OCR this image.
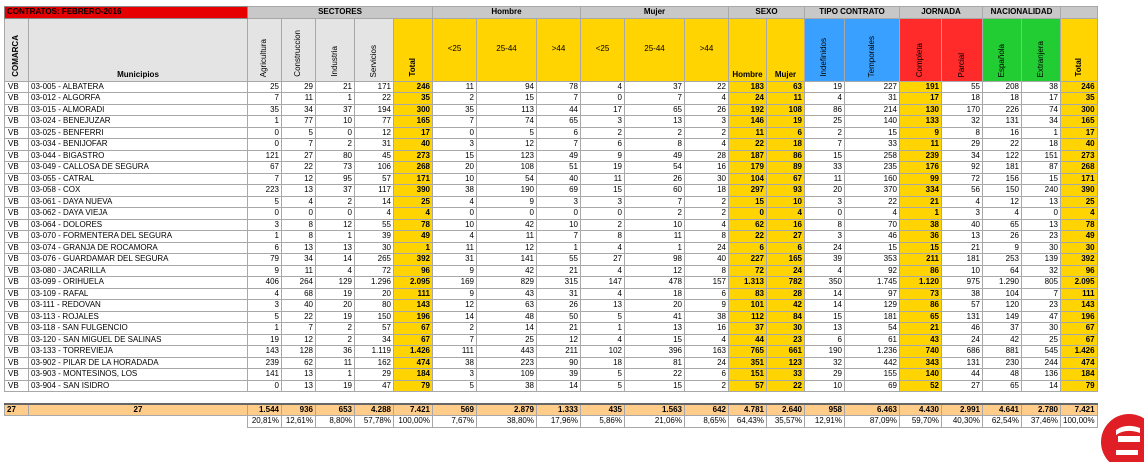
CONTRATOS: FEBRERO-2016		SECTORES					Hombre			Mujer			SEXO		TIPO CONTRATO		JORNADA		NACIONALIDAD		
COMARCA	Municipios	Agricultura	Construccion	Industria	Servicios	Total	<25	25-44	>44	<25	25-44	>44	Hombre	Mujer	Indefinidos	Temporales	Completa	Parcial	Española	Extranjera	Total
VB	03-005 - ALBATERA	25	29	21	171	246	11	94	78	4	37	22	183	63	19	227	191	55	208	38	246
VB	03-012 - ALGORFA	7	11	1	22	35	2	15	7	0	7	4	24	11	4	31	17	18	18	17	35
VB	03-015 - ALMORADI	35	34	37	194	300	35	113	44	17	65	26	192	108	86	214	130	170	226	74	300
VB	03-024 - BENEJUZAR	1	77	10	77	165	7	74	65	3	13	3	146	19	25	140	133	32	131	34	165
VB	03-025 - BENFERRI	0	5	0	12	17	0	5	6	2	2	2	11	6	2	15	9	8	16	1	17
VB	03-034 - BENIJOFAR	0	7	2	31	40	3	12	7	6	8	4	22	18	7	33	11	29	22	18	40
VB	03-044 - BIGASTRO	121	27	80	45	273	15	123	49	9	49	28	187	86	15	258	239	34	122	151	273
VB	03-049 - CALLOSA DE SEGURA	67	22	73	106	268	20	108	51	19	54	16	179	89	33	235	176	92	181	87	268
VB	03-055 - CATRAL	7	12	95	57	171	10	54	40	11	26	30	104	67	11	160	99	72	156	15	171
VB	03-058 - COX	223	13	37	117	390	38	190	69	15	60	18	297	93	20	370	334	56	150	240	390
VB	03-061 - DAYA NUEVA	5	4	2	14	25	4	9	3	3	7	2	15	10	3	22	21	4	12	13	25
VB	03-062 - DAYA VIEJA	0	0	0	4	4	0	0	0	0	2	2	0	4	0	4	1	3	4	0	4
VB	03-064 - DOLORES	3	8	12	55	78	10	42	10	2	10	4	62	16	8	70	38	40	65	13	78
VB	03-070 - FORMENTERA DEL SEGURA	1	8	1	39	49	4	11	7	8	11	8	22	27	3	46	36	13	26	23	49
VB	03-074 - GRANJA DE ROCAMORA	6	13	13	30	1	11	12	1	4	1	24	6	6	24	15	15	21	9	30	30
VB	03-076 - GUARDAMAR DEL SEGURA	79	34	14	265	392	31	141	55	27	98	40	227	165	39	353	211	181	253	139	392
VB	03-080 - JACARILLA	9	11	4	72	96	9	42	21	4	12	8	72	24	4	92	86	10	64	32	96
VB	03-099 - ORIHUELA	406	264	129	1.296	2.095	169	829	315	147	478	157	1.313	782	350	1.745	1.120	975	1.290	805	2.095
VB	03-109 - RAFAL	4	68	19	20	111	9	43	31	4	18	6	83	28	14	97	73	38	104	7	111
VB	03-111 - REDOVAN	3	40	20	80	143	12	63	26	13	20	9	101	42	14	129	86	57	120	23	143
VB	03-113 - ROJALES	5	22	19	150	196	14	48	50	5	41	38	112	84	15	181	65	131	149	47	196
VB	03-118 - SAN FULGENCIO	1	7	2	57	67	2	14	21	1	13	16	37	30	13	54	21	46	37	30	67
VB	03-120 - SAN MIGUEL DE SALINAS	19	12	2	34	67	7	25	12	4	15	4	44	23	6	61	43	24	42	25	67
VB	03-133 - TORREVIEJA	143	128	36	1.119	1.426	111	443	211	102	396	163	765	661	190	1.236	740	686	881	545	1.426
VB	03-902 - PILAR DE LA HORADADA	239	62	11	162	474	38	223	90	18	81	24	351	123	32	442	343	131	230	244	474
VB	03-903 - MONTESINOS, LOS	141	13	1	29	184	3	109	39	5	22	6	151	33	29	155	140	44	48	136	184
VB	03-904 - SAN ISIDRO	0	13	19	47	79	5	38	14	5	15	2	57	22	10	69	52	27	65	14	79

27	27	1.544	936	653	4.288	7.421	569	2.879	1.333	435	1.563	642	4.781	2.640	958	6.463	4.430	2.991	4.641	2.780	7.421
		20,81%	12,61%	8,80%	57,78%	100,00%	7,67%	38,80%	17,96%	5,86%	21,06%	8,65%	64,43%	35,57%	12,91%	87,09%	59,70%	40,30%	62,54%	37,46%	100,00%
